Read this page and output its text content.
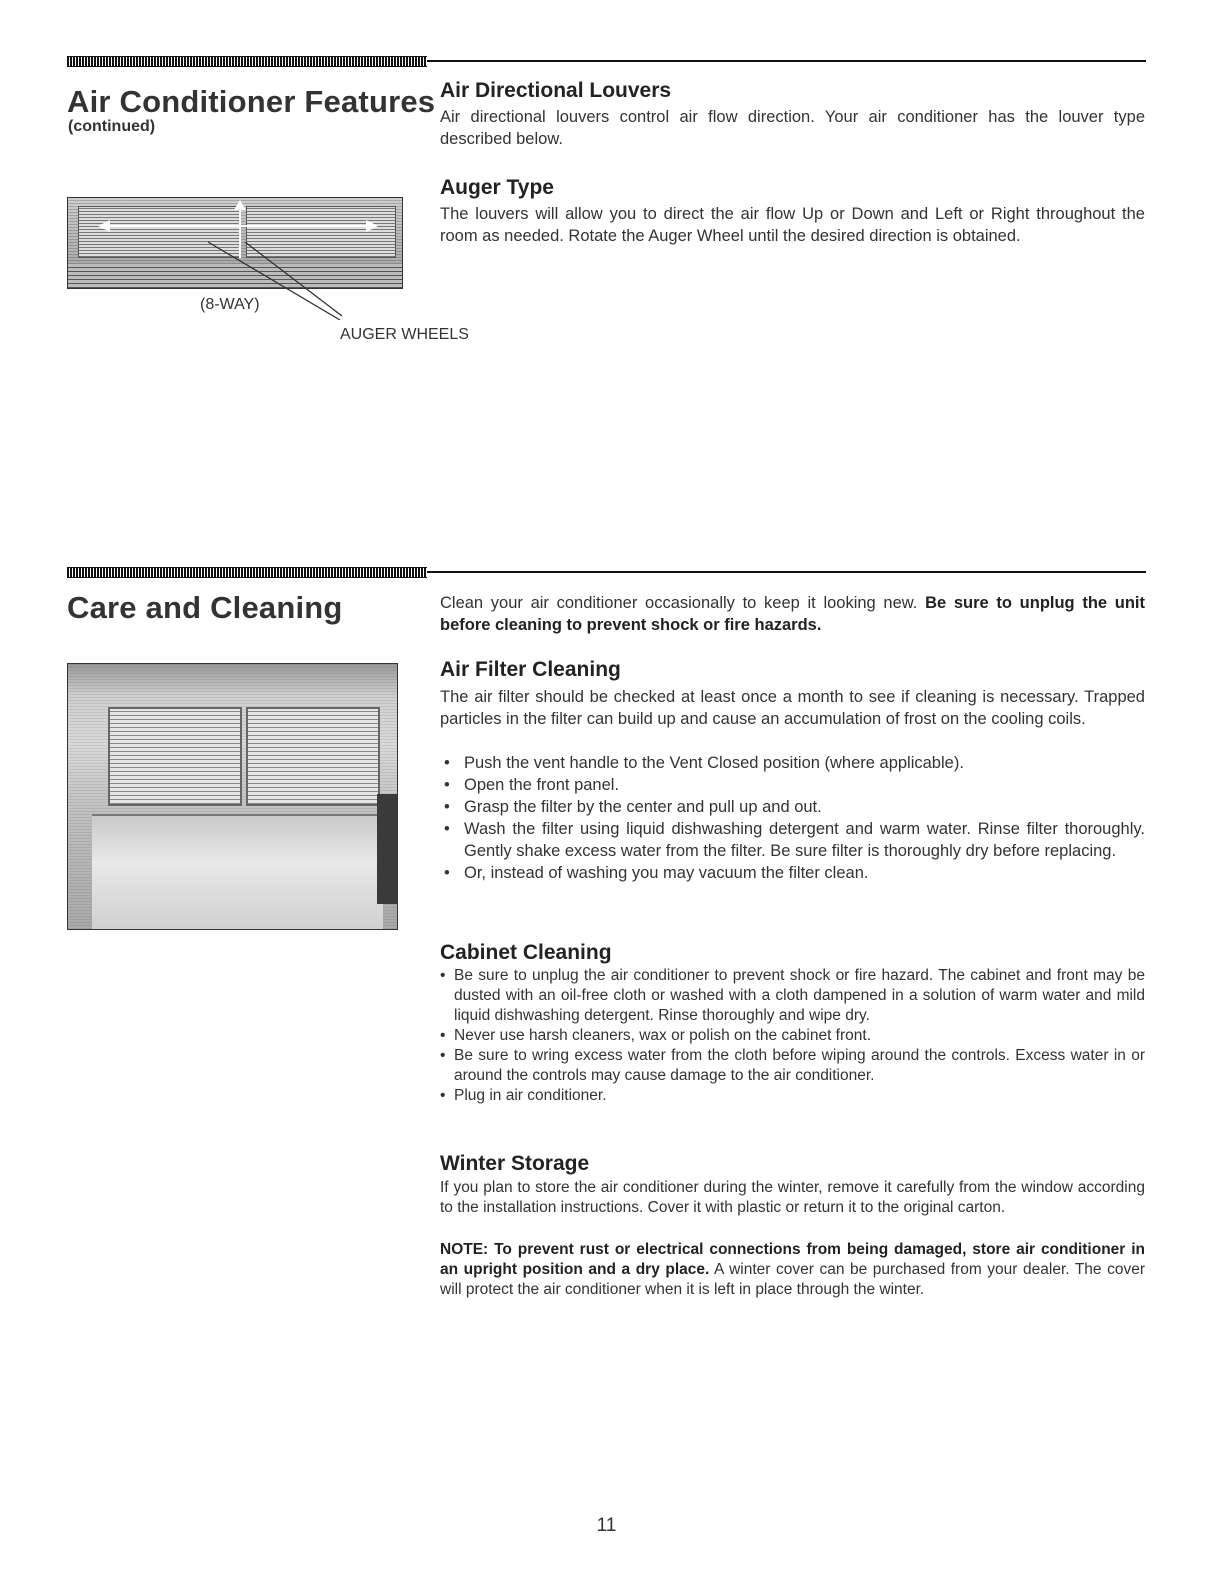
Air Conditioner Features
(continued)
Air Directional Louvers

Air directional louvers control air flow direction. Your air conditioner has the louver type described below.

Auger Type

The louvers will allow you to direct the air flow Up or Down and Left or Right throughout the room as needed. Rotate the Auger Wheel until the desired direction is obtained.

(8-WAY)
AUGER WHEELS
Care and Cleaning	Clean your air conditioner occasionally to keep it looking new. Be sure to unplug the unit before cleaning to prevent shock or fire hazards.

Air Filter Cleaning

The air filter should be checked at least once a month to see if cleaning is necessary. Trapped particles in the filter can build up and cause an accumulation of frost on the cooling coils.

• Push the vent handle to the Vent Closed position (where applicable).
• Open the front panel.
• Grasp the filter by the center and pull up and out.
• Wash the filter using liquid dishwashing detergent and warm water. Rinse filter thoroughly. Gently shake excess water from the filter. Be sure filter is thoroughly dry before replacing.
• Or, instead of washing you may vacuum the filter clean.
Cabinet Cleaning
• Be sure to unplug the air conditioner to prevent shock or fire hazard. The cabinet and front may be dusted with an oil-free cloth or washed with a cloth dampened in a solution of warm water and mild liquid dishwashing detergent. Rinse thoroughly and wipe dry.
• Never use harsh cleaners, wax or polish on the cabinet front.
• Be sure to wring excess water from the cloth before wiping around the controls. Excess water in or around the controls may cause damage to the air conditioner.
• Plug in air conditioner.
Winter Storage

If you plan to store the air conditioner during the winter, remove it carefully from the window according to the installation instructions. Cover it with plastic or return it to the original carton.

NOTE: To prevent rust or electrical connections from being damaged, store air conditioner in an upright position and a dry place. A winter cover can be purchased from your dealer. The cover will protect the air conditioner when it is left in place through the winter.

11
